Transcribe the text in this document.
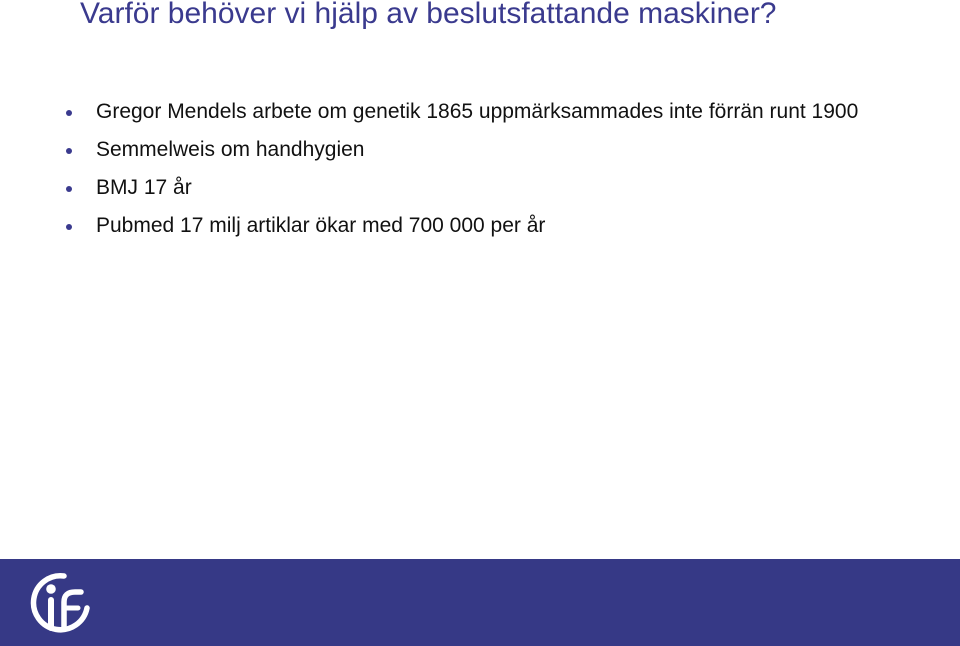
Varför behöver vi hjälp av beslutsfattande maskiner?
Gregor Mendels arbete om genetik 1865 uppmärksammades inte förrän runt 1900
Semmelweis om handhygien
BMJ 17 år
Pubmed 17 milj artiklar ökar med 700 000 per år
